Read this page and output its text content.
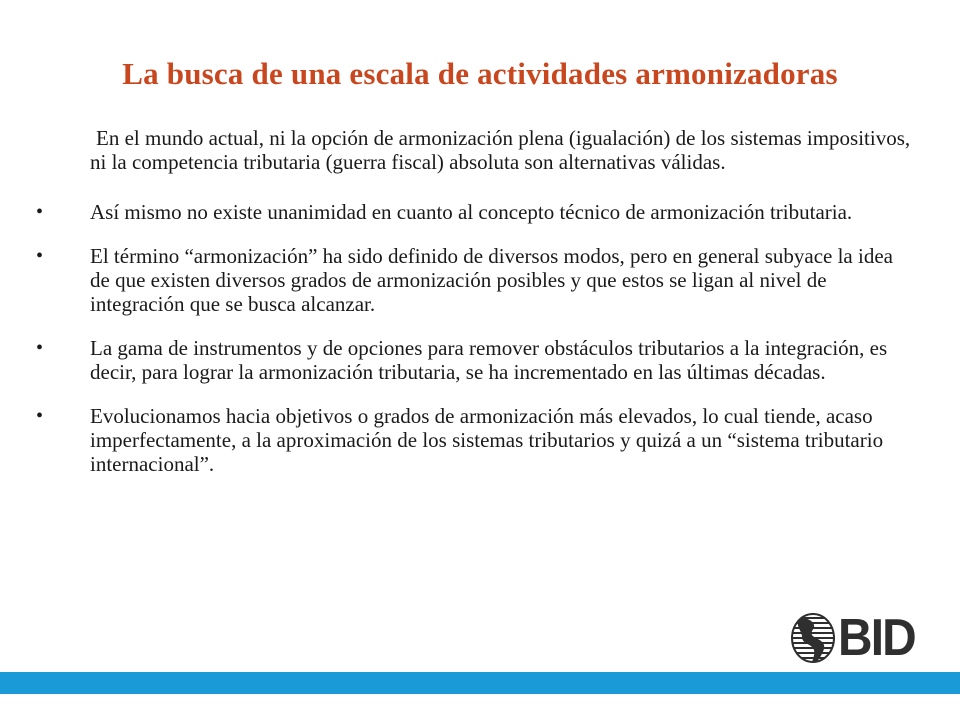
La busca de una escala de actividades armonizadoras

En el mundo actual, ni la opción de armonización plena (igualación) de los sistemas impositivos, ni la competencia tributaria (guerra fiscal) absoluta son alternativas válidas.

•	Así mismo no existe unanimidad en cuanto al concepto técnico de armonización tributaria.
•	El término “armonización” ha sido definido de diversos modos, pero en general subyace la idea de que existen diversos grados de armonización posibles y que estos se ligan al nivel de integración que se busca alcanzar.
•	La gama de instrumentos y de opciones para remover obstáculos tributarios a la integración, es decir, para lograr la armonización tributaria, se ha incrementado en las últimas décadas.
•	Evolucionamos hacia objetivos o grados de armonización más elevados, lo cual tiende, acaso imperfectamente, a la aproximación de los sistemas tributarios y quizá a un “sistema tributario internacional”.
BID
